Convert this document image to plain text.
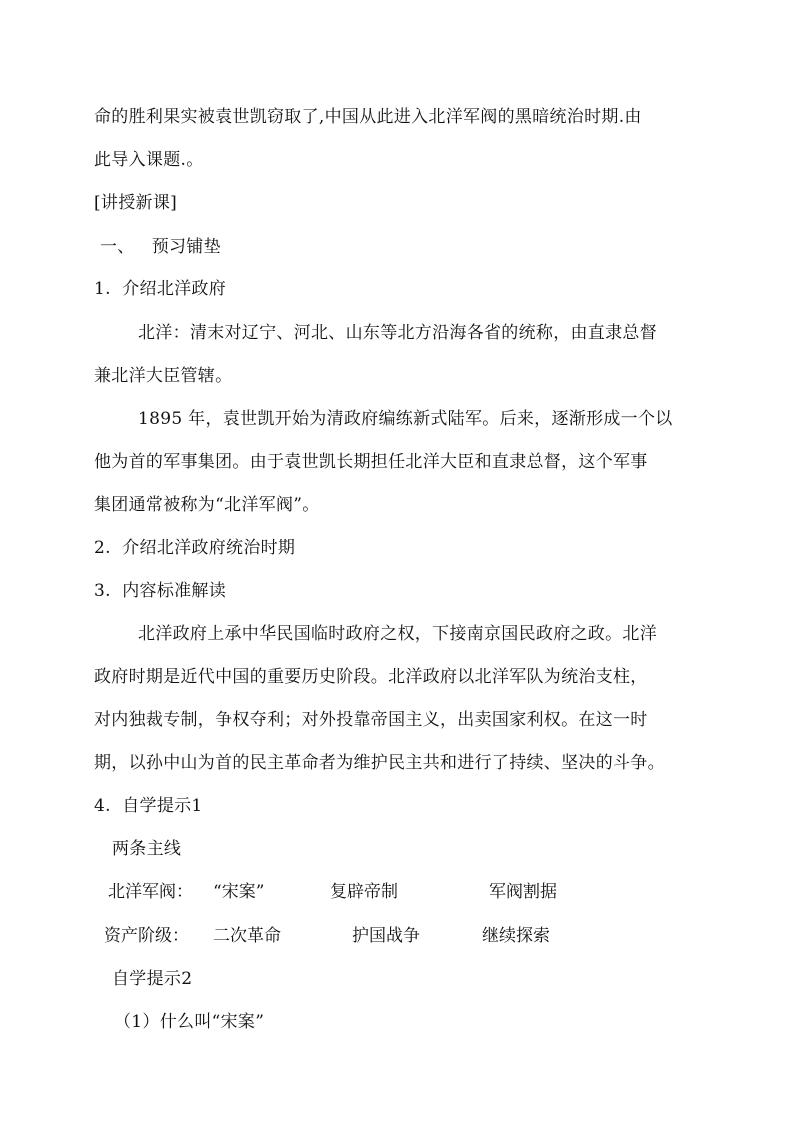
命的胜利果实被袁世凯窃取了,中国从此进入北洋军阀的黑暗统治时期.由
此导入课题.。
[讲授新课]
一、   预习铺垫
1.  介绍北洋政府
北洋：清末对辽宁、河北、山东等北方沿海各省的统称，由直隶总督
兼北洋大臣管辖。
1895 年，袁世凯开始为清政府编练新式陆军。后来，逐渐形成一个以
他为首的军事集团。由于袁世凯长期担任北洋大臣和直隶总督，这个军事
集团通常被称为“北洋军阀”。
2.  介绍北洋政府统治时期
3.  内容标准解读
北洋政府上承中华民国临时政府之权，下接南京国民政府之政。北洋
政府时期是近代中国的重要历史阶段。北洋政府以北洋军队为统治支柱，
对内独裁专制，争权夺利；对外投靠帝国主义，出卖国家利权。在这一时
期，以孙中山为首的民主革命者为维护民主共和进行了持续、坚决的斗争。
4.  自学提示1
两条主线
北洋军阀： “宋案”	复辟帝制	军阀割据
资产阶级： 二次革命	护国战争	继续探索
自学提示2
（1）什么叫“宋案”
